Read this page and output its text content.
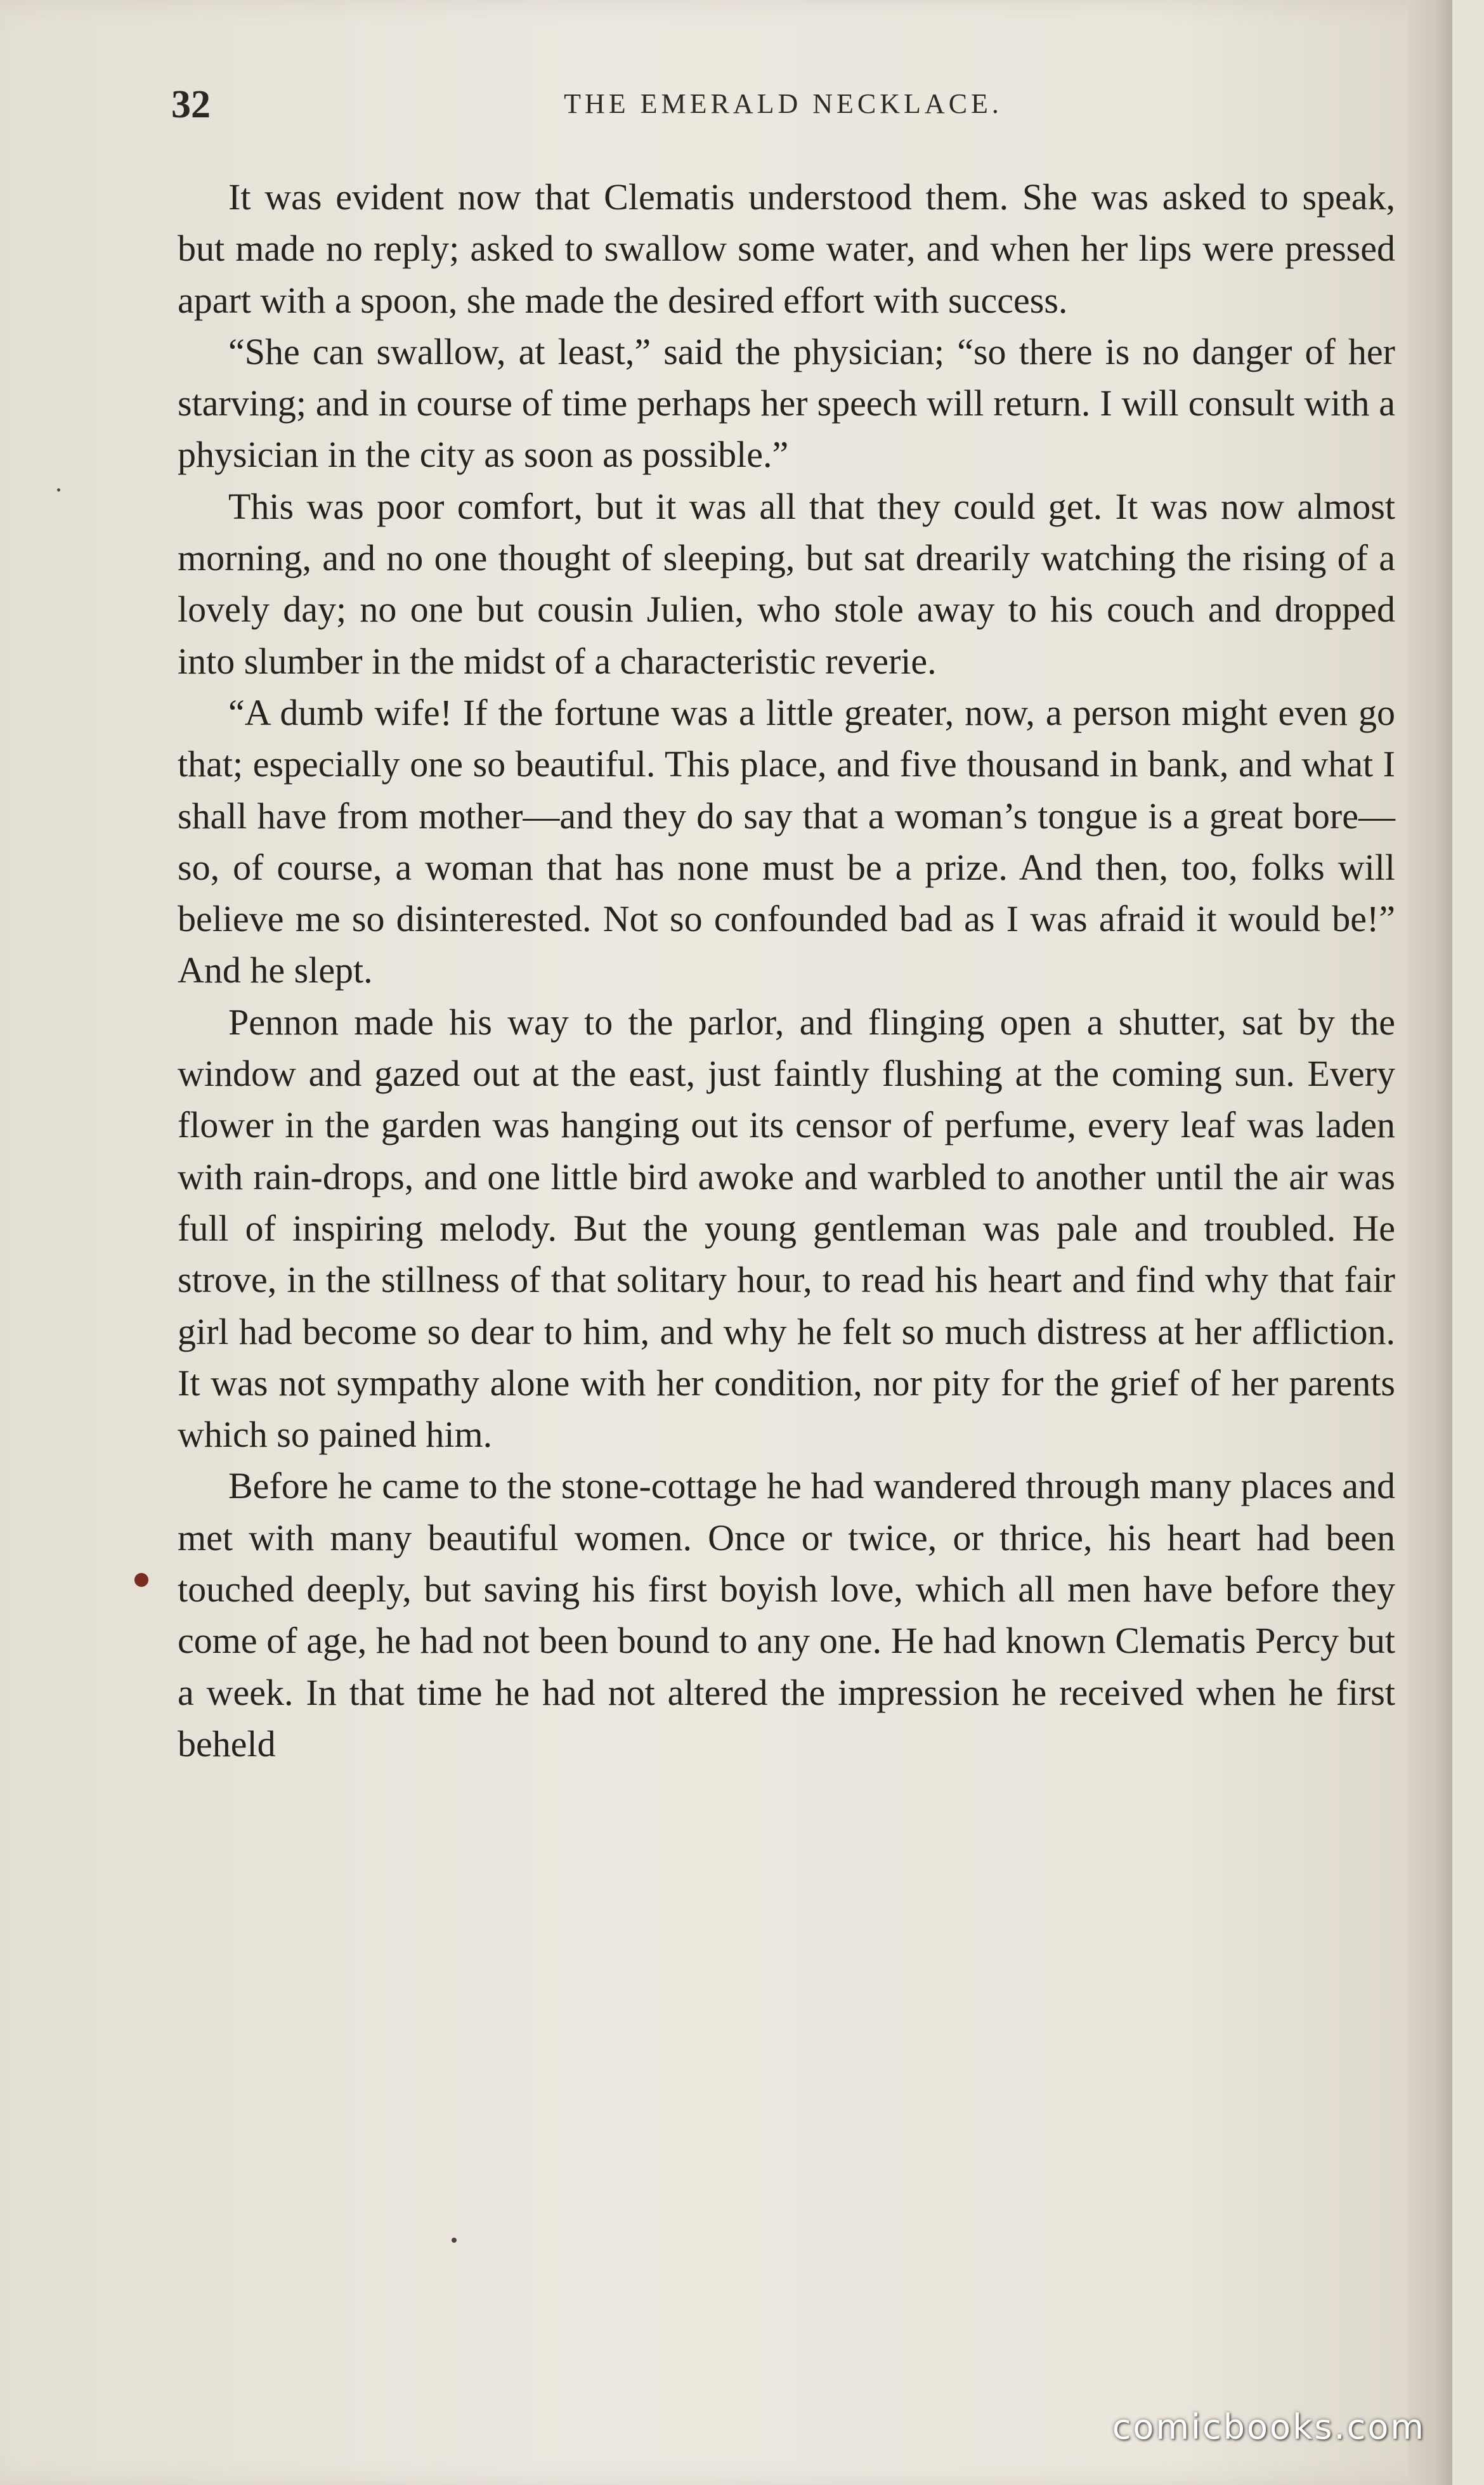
32	THE EMERALD NECKLACE.

It was evident now that Clematis understood them. She was asked to speak, but made no reply; asked to swallow some water, and when her lips were pressed apart with a spoon, she made the desired effort with success.

“She can swallow, at least,” said the physician; “so there is no danger of her starving; and in course of time perhaps her speech will return. I will consult with a physician in the city as soon as possible.”

This was poor comfort, but it was all that they could get. It was now almost morning, and no one thought of sleeping, but sat drearily watching the rising of a lovely day; no one but cousin Julien, who stole away to his couch and dropped into slumber in the midst of a characteristic reverie.

“A dumb wife! If the fortune was a little greater, now, a person might even go that; especially one so beautiful. This place, and five thousand in bank, and what I shall have from mother—and they do say that a woman’s tongue is a great bore—so, of course, a woman that has none must be a prize. And then, too, folks will believe me so disinterested. Not so confounded bad as I was afraid it would be!” And he slept.

Pennon made his way to the parlor, and flinging open a shutter, sat by the window and gazed out at the east, just faintly flushing at the coming sun. Every flower in the garden was hanging out its censor of perfume, every leaf was laden with rain-drops, and one little bird awoke and warbled to another until the air was full of inspiring melody. But the young gentleman was pale and troubled. He strove, in the stillness of that solitary hour, to read his heart and find why that fair girl had become so dear to him, and why he felt so much distress at her affliction. It was not sympathy alone with her condition, nor pity for the grief of her parents which so pained him.

Before he came to the stone-cottage he had wandered through many places and met with many beautiful women. Once or twice, or thrice, his heart had been touched deeply, but saving his first boyish love, which all men have before they come of age, he had not been bound to any one. He had known Clematis Percy but a week. In that time he had not altered the impression he received when he first beheld

comicbooks.com
